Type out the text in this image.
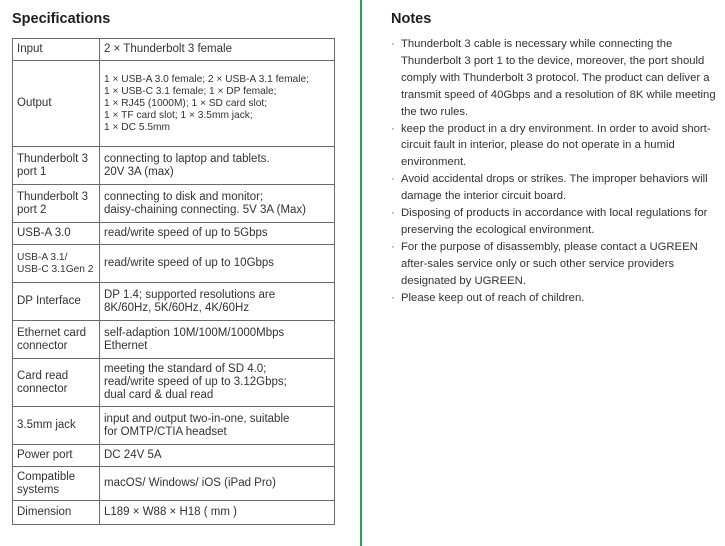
Specifications
Input	2 × Thunderbolt 3 female
Output	1 × USB-A 3.0 female; 2 × USB-A 3.1 female;
1 × USB-C 3.1 female; 1 × DP female;
1 × RJ45 (1000M); 1 × SD card slot;
1 × TF card slot; 1 × 3.5mm jack;
1 × DC 5.5mm
Thunderbolt 3 port 1	connecting to laptop and tablets.
20V 3A (max)
Thunderbolt 3 port 2	connecting to disk and monitor;
daisy-chaining connecting. 5V 3A (Max)
USB-A 3.0	read/write speed of up to 5Gbps
USB-A 3.1/
USB-C 3.1Gen 2	read/write speed of up to 10Gbps
DP Interface	DP 1.4; supported resolutions are
8K/60Hz, 5K/60Hz, 4K/60Hz
Ethernet card connector	self-adaption 10M/100M/1000Mbps
Ethernet
Card read connector	meeting the standard of SD 4.0;
read/write speed of up to 3.12Gbps;
dual card & dual read
3.5mm jack	input and output two-in-one, suitable
for OMTP/CTIA headset
Power port	DC 24V 5A
Compatible systems	macOS/ Windows/ iOS (iPad Pro)
Dimension	L189 × W88 × H18 ( mm )
Notes
· Thunderbolt 3 cable is necessary while connecting the Thunderbolt 3 port 1 to the device, moreover, the port should comply with Thunderbolt 3 protocol. The product can deliver a transmit speed of 40Gbps and a resolution of 8K while meeting the two rules.
· keep the product in a dry environment. In order to avoid short-circuit fault in interior, please do not operate in a humid environment.
· Avoid accidental drops or strikes. The improper behaviors will damage the interior circuit board.
· Disposing of products in accordance with local regulations for preserving the ecological environment.
· For the purpose of disassembly, please contact a UGREEN after-sales service only or such other service providers designated by UGREEN.
· Please keep out of reach of children.
